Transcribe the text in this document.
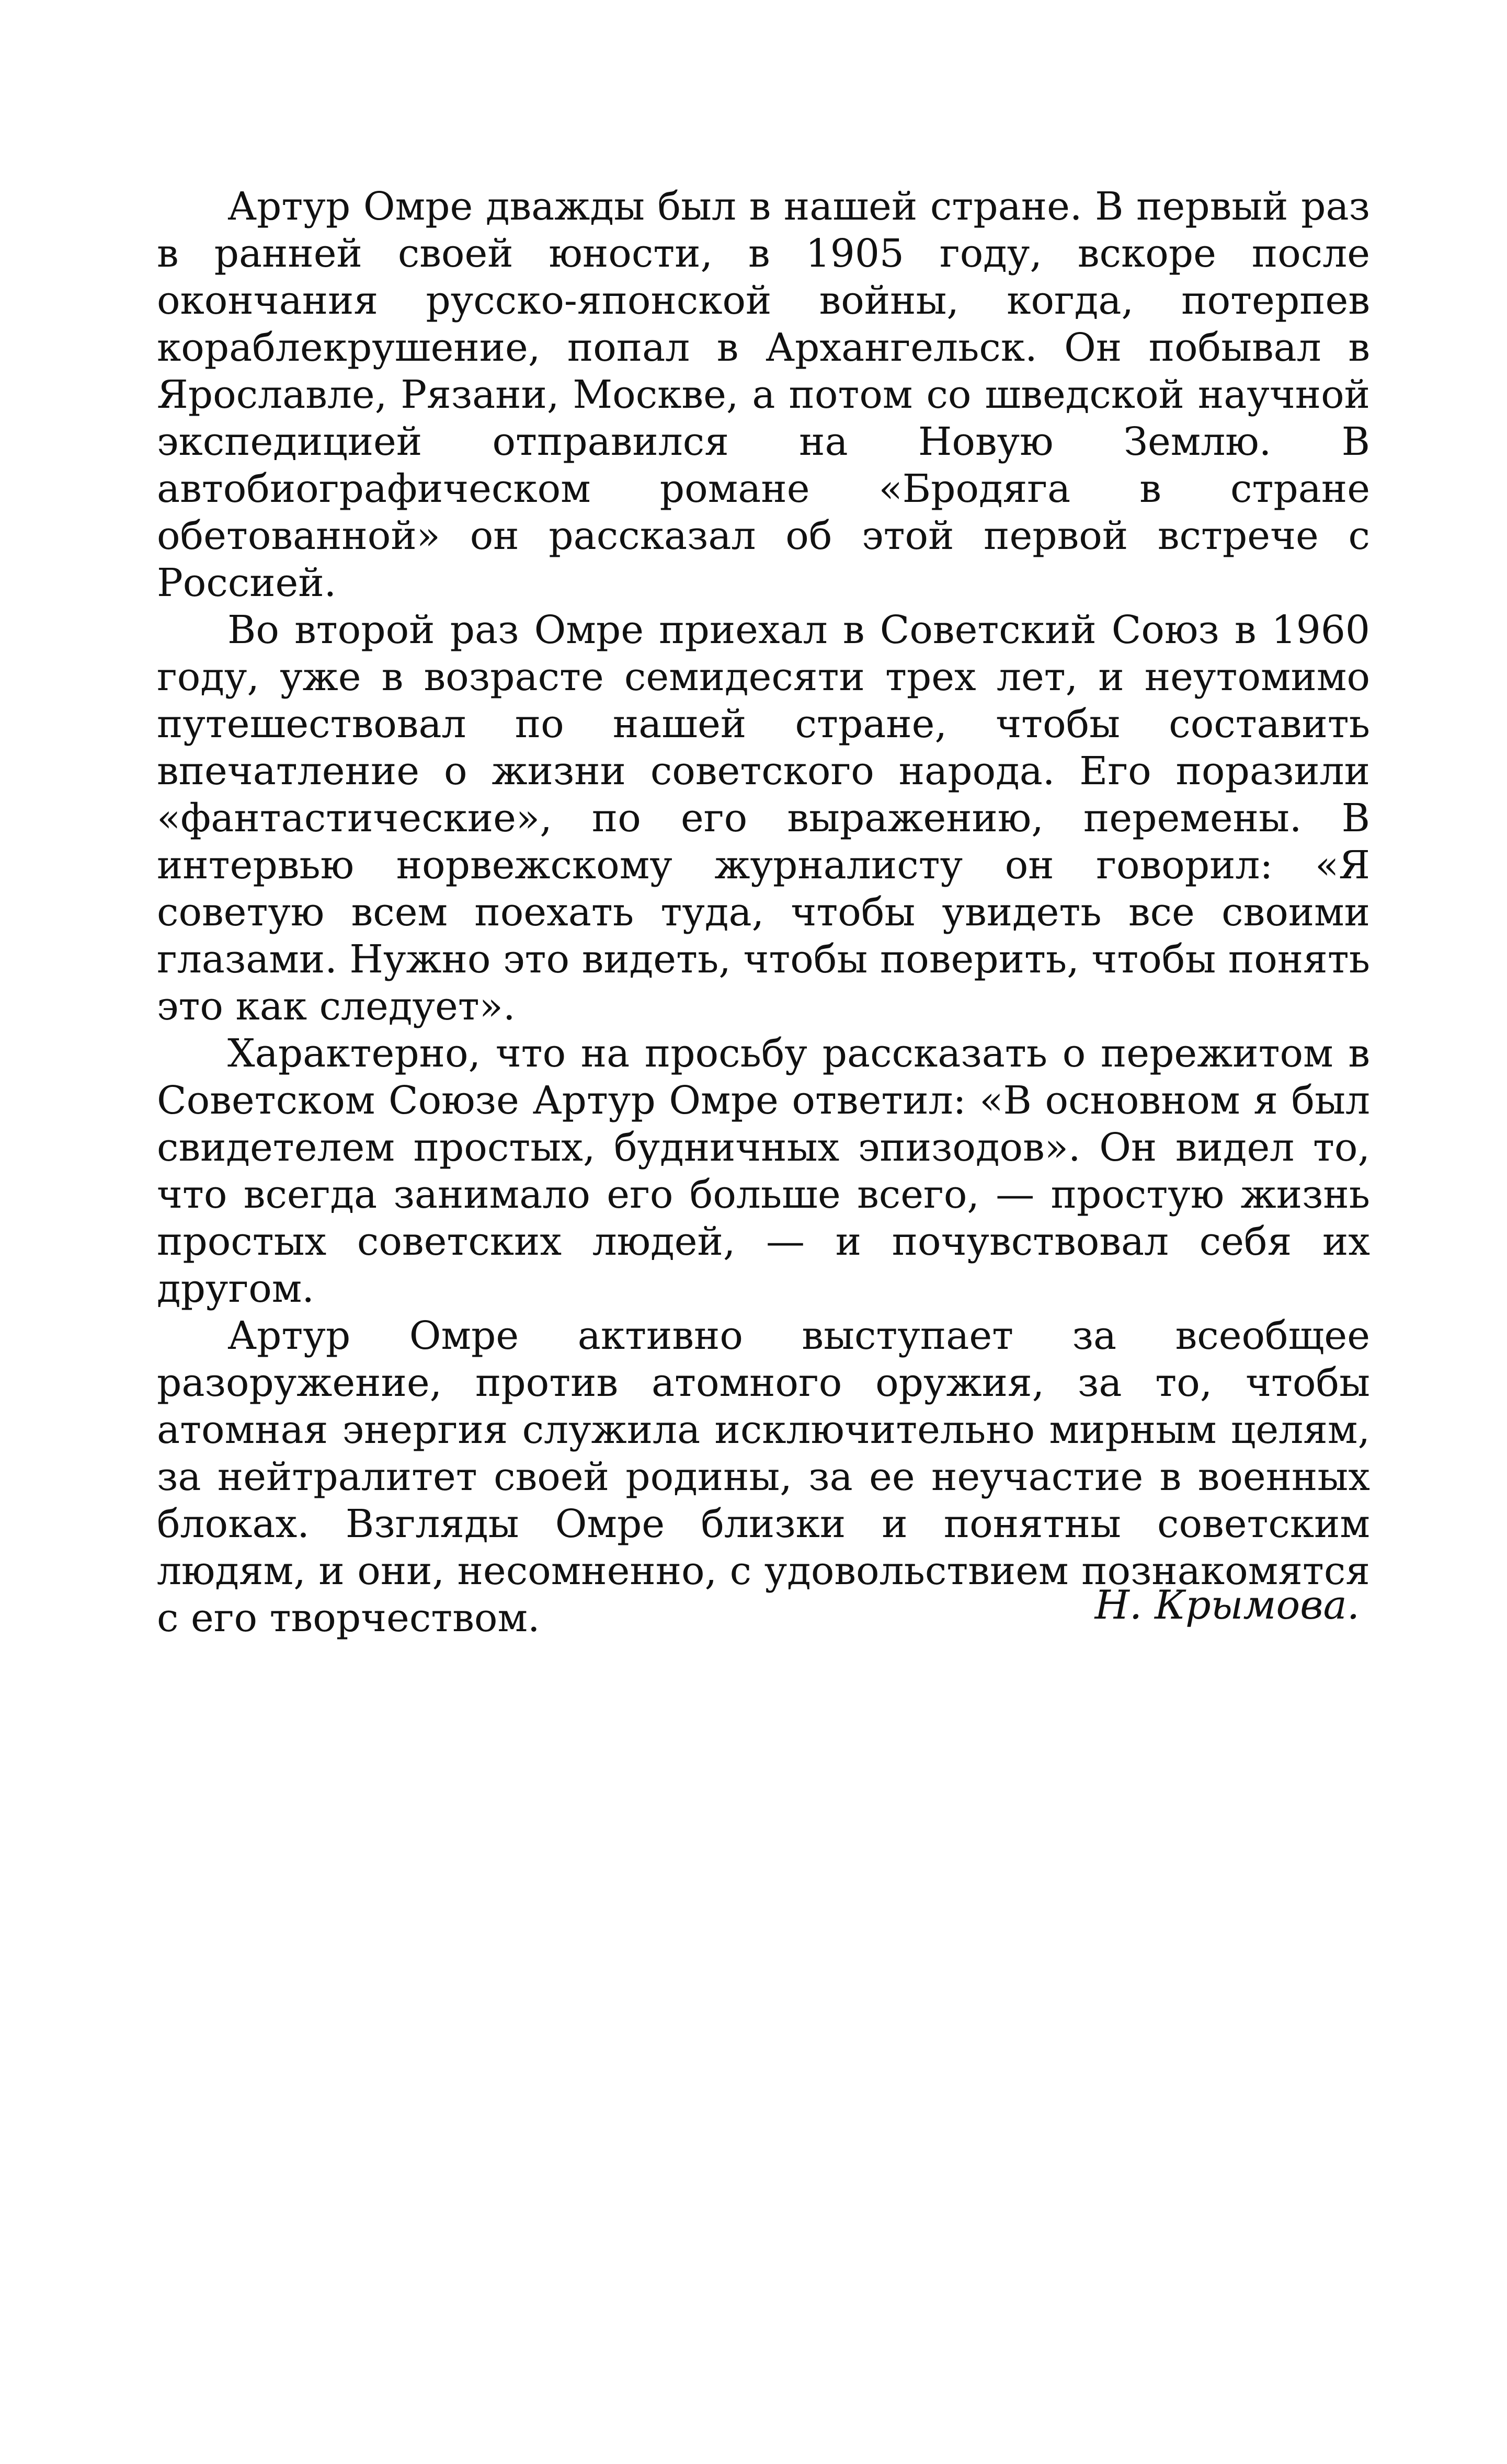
Артур Омре дважды был в нашей стране. В первый раз в ранней своей юности, в 1905 году, вскоре после окончания русско-японской войны, когда, потерпев кораблекрушение, попал в Архангельск. Он побывал в Ярославле, Рязани, Москве, а потом со шведской научной экспедицией отправился на Новую Землю. В автобиографическом романе «Бродяга в стране обетованной» он рассказал об этой первой встрече с Россией.

Во второй раз Омре приехал в Советский Союз в 1960 году, уже в возрасте семидесяти трех лет, и неутомимо путешествовал по нашей стране, чтобы составить впечатление о жизни советского народа. Его поразили «фантастические», по его выражению, перемены. В интервью норвежскому журналисту он говорил: «Я советую всем поехать туда, чтобы увидеть все своими глазами. Нужно это видеть, чтобы поверить, чтобы понять это как следует».

Характерно, что на просьбу рассказать о пережитом в Советском Союзе Артур Омре ответил: «В основном я был свидетелем простых, будничных эпизодов». Он видел то, что всегда занимало его больше всего, — простую жизнь простых советских людей, — и почувствовал себя их другом.

Артур Омре активно выступает за всеобщее разоружение, против атомного оружия, за то, чтобы атомная энергия служила исключительно мирным целям, за нейтралитет своей родины, за ее неучастие в военных блоках. Взгляды Омре близки и понятны советским людям, и они, несомненно, с удовольствием познакомятся с его творчеством.	Н. Крымова.
